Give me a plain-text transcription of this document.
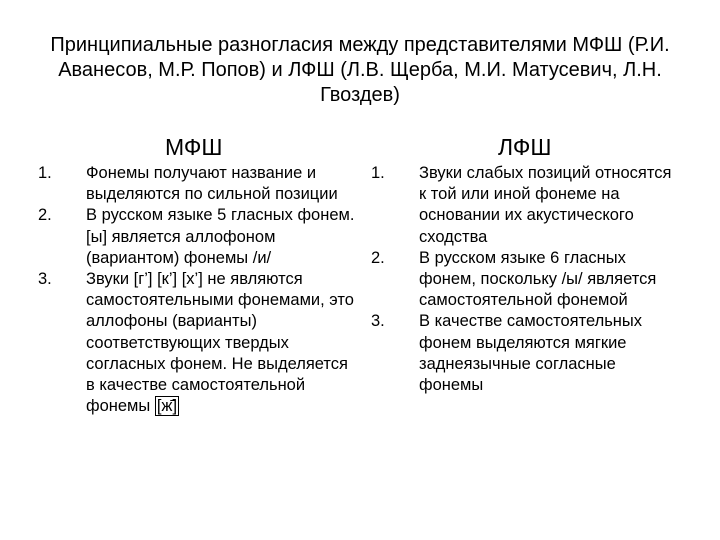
Принципиальные разногласия между представителями МФШ (Р.И. Аванесов, М.Р. Попов) и ЛФШ (Л.В. Щерба, М.И. Матусевич, Л.Н. Гвоздев)
МФШ	ЛФШ
1. Фонемы получают название и выделяются по сильной позиции
2. В русском языке 5 гласных фонем. [ы] является аллофоном (вариантом) фонемы /и/
3. Звуки [г’] [к’] [х’] не являются самостоятельными фонемами, это аллофоны (варианты) соответствующих твердых согласных фонем. Не выделяется в качестве самостоятельной фонемы [ж̄]
1. Звуки слабых позиций относятся к той или иной фонеме на основании их акустического сходства
2. В русском языке 6 гласных фонем, поскольку /ы/ является самостоятельной фонемой
3. В качестве самостоятельных фонем выделяются мягкие заднеязычные согласные фонемы
